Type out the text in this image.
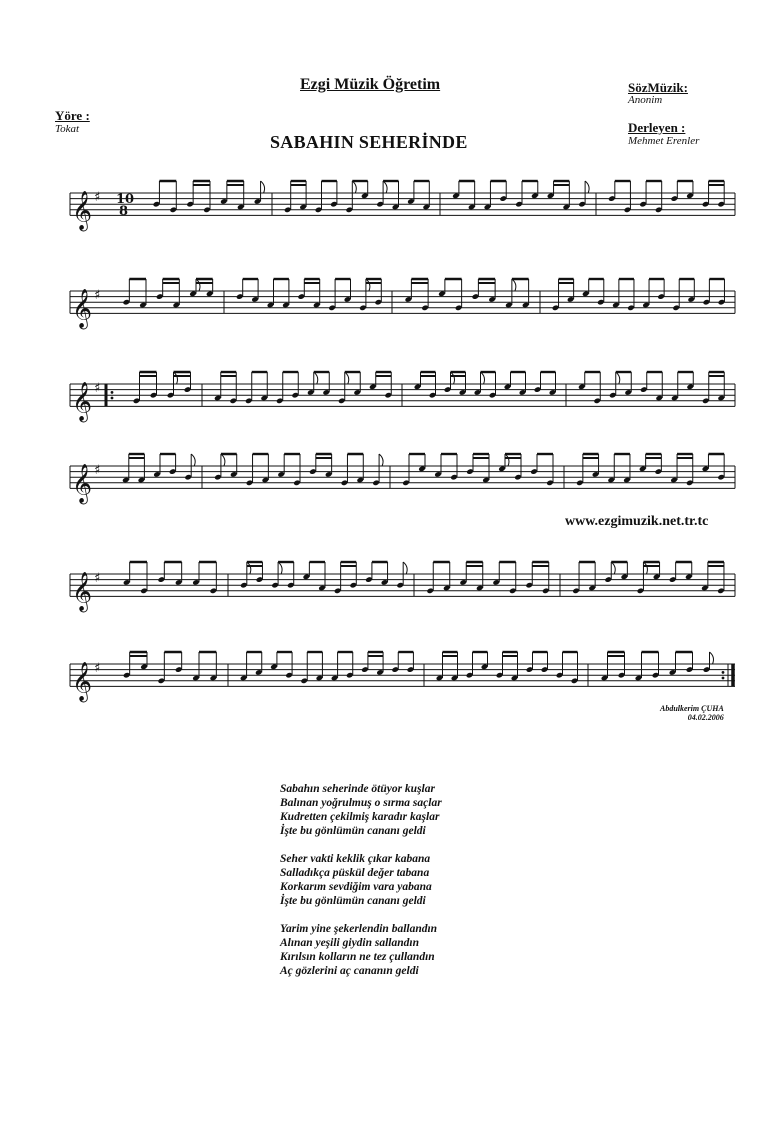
Ezgi Müzik Öğretim
Yöre :
Tokat
SABAHIN SEHERİNDE
SözMüzik:
Anonim
Derleyen :
Mehmet Erenler
𝄞 ♯ 10
8
𝄞 ♯
𝄞 ♯
𝄞 ♯
𝄞 ♯
𝄞 ♯
www.ezgimuzik.net.tr.tc
Abdulkerim ÇUHA
04.02.2006
Sabahın seherinde ötüyor kuşlar
Balınan yoğrulmuş o sırma saçlar
Kudretten çekilmiş karadır kaşlar
İşte bu gönlümün cananı geldi
Seher vakti keklik çıkar kabana
Salladıkça püskül değer tabana
Korkarım sevdiğim vara yabana
İşte bu gönlümün cananı geldi
Yarim yine şekerlendin ballandın
Alınan yeşili giydin sallandın
Kırılsın kolların ne tez çullandın
Aç gözlerini aç cananın geldi
